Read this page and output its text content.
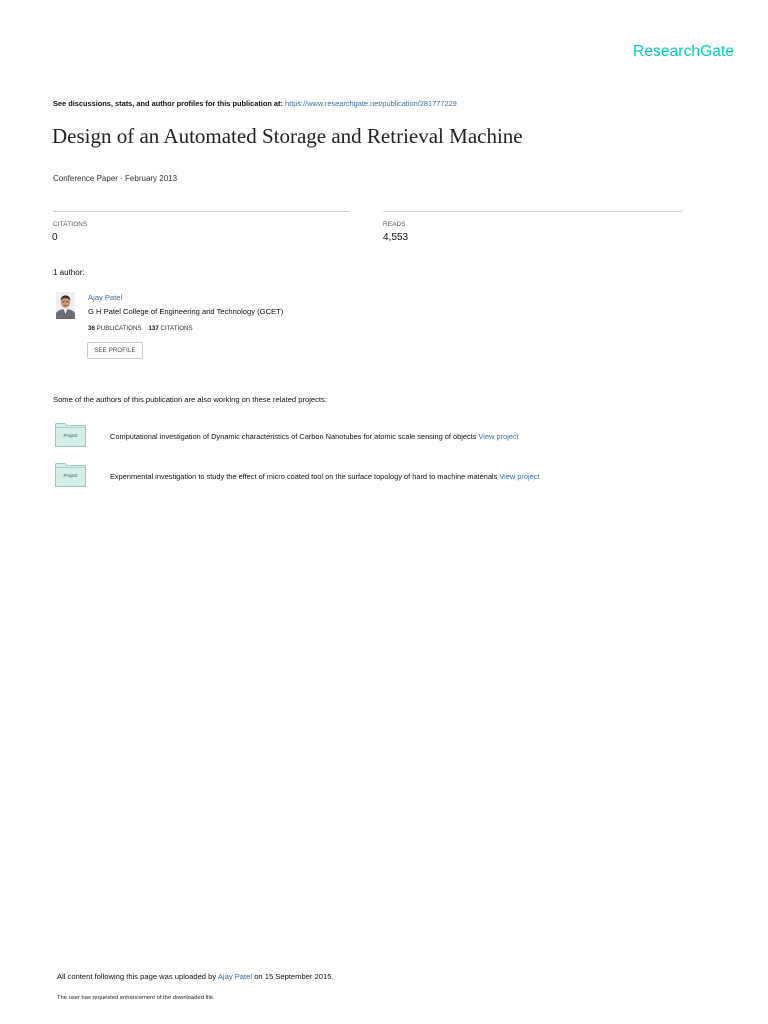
ResearchGate
See discussions, stats, and author profiles for this publication at: https://www.researchgate.net/publication/281777229
Design of an Automated Storage and Retrieval Machine
Conference Paper · February 2013
CITATIONS
0
READS
4,553
1 author:
Ajay Patel
G H Patel College of Engineering and Technology (GCET)
36 PUBLICATIONS 137 CITATIONS
SEE PROFILE
Some of the authors of this publication are also working on these related projects:
Project	Computational investigation of Dynamic characteristics of Carbon Nanotubes for atomic scale sensing of objects View project
Project	Experimental investigation to study the effect of micro coated tool on the surface topology of hard to machine materials View project
All content following this page was uploaded by Ajay Patel on 15 September 2015.
The user has requested enhancement of the downloaded file.
